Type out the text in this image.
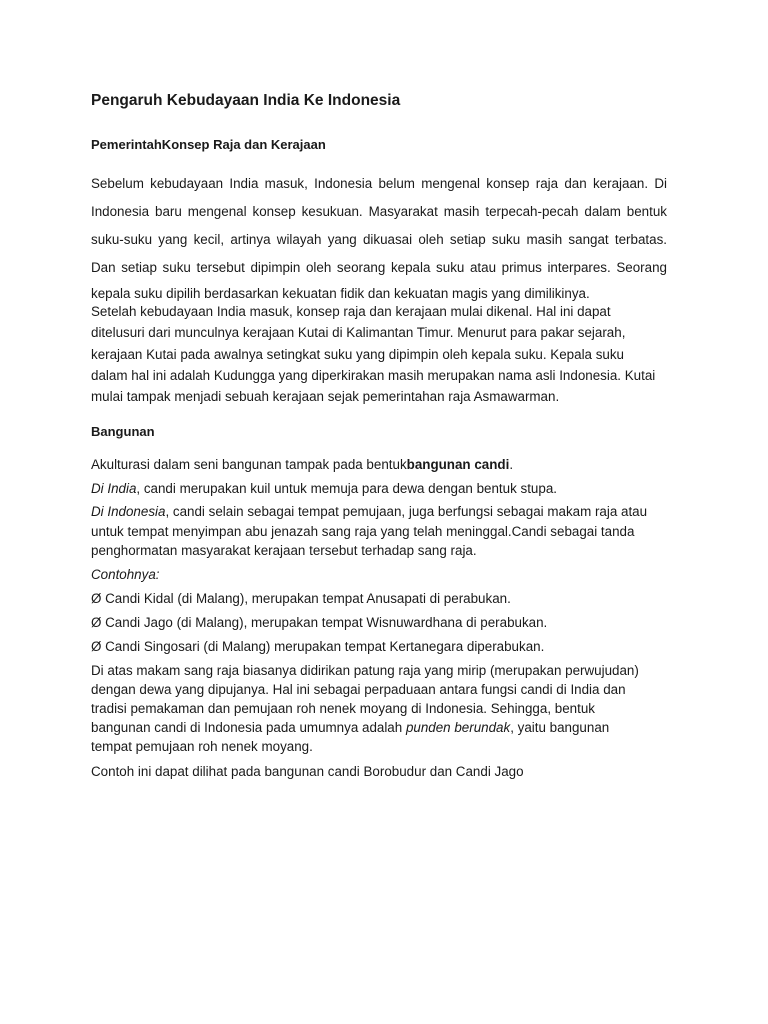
Pengaruh Kebudayaan India Ke Indonesia
PemerintahKonsep Raja dan Kerajaan
Sebelum kebudayaan India masuk, Indonesia belum mengenal konsep raja dan kerajaan. Di
Indonesia baru mengenal konsep kesukuan. Masyarakat masih terpecah-pecah dalam bentuk
suku-suku yang kecil, artinya wilayah yang dikuasai oleh setiap suku masih sangat terbatas.
Dan setiap suku tersebut dipimpin oleh seorang kepala suku atau primus interpares. Seorang
kepala suku dipilih berdasarkan kekuatan fidik dan kekuatan magis yang dimilikinya.
Setelah kebudayaan India masuk, konsep raja dan kerajaan mulai dikenal. Hal ini dapat
ditelusuri dari munculnya kerajaan Kutai di Kalimantan Timur. Menurut para pakar sejarah,
kerajaan Kutai pada awalnya setingkat suku yang dipimpin oleh kepala suku. Kepala suku
dalam hal ini adalah Kudungga yang diperkirakan masih merupakan nama asli Indonesia. Kutai
mulai tampak menjadi sebuah kerajaan sejak pemerintahan raja Asmawarman.
Bangunan
Akulturasi dalam seni bangunan tampak pada bentukbangunan candi.
Di India, candi merupakan kuil untuk memuja para dewa dengan bentuk stupa.
Di Indonesia, candi selain sebagai tempat pemujaan, juga berfungsi sebagai makam raja atau
untuk tempat menyimpan abu jenazah sang raja yang telah meninggal.Candi sebagai tanda
penghormatan masyarakat kerajaan tersebut terhadap sang raja.
Contohnya:
Ø Candi Kidal (di Malang), merupakan tempat Anusapati di perabukan.
Ø Candi Jago (di Malang), merupakan tempat Wisnuwardhana di perabukan.
Ø Candi Singosari (di Malang) merupakan tempat Kertanegara diperabukan.
Di atas makam sang raja biasanya didirikan patung raja yang mirip (merupakan perwujudan)
dengan dewa yang dipujanya. Hal ini sebagai perpaduaan antara fungsi candi di India dan
tradisi pemakaman dan pemujaan roh nenek moyang di Indonesia. Sehingga, bentuk
bangunan candi di Indonesia pada umumnya adalah punden berundak, yaitu bangunan
tempat pemujaan roh nenek moyang.
Contoh ini dapat dilihat pada bangunan candi Borobudur dan Candi Jago
